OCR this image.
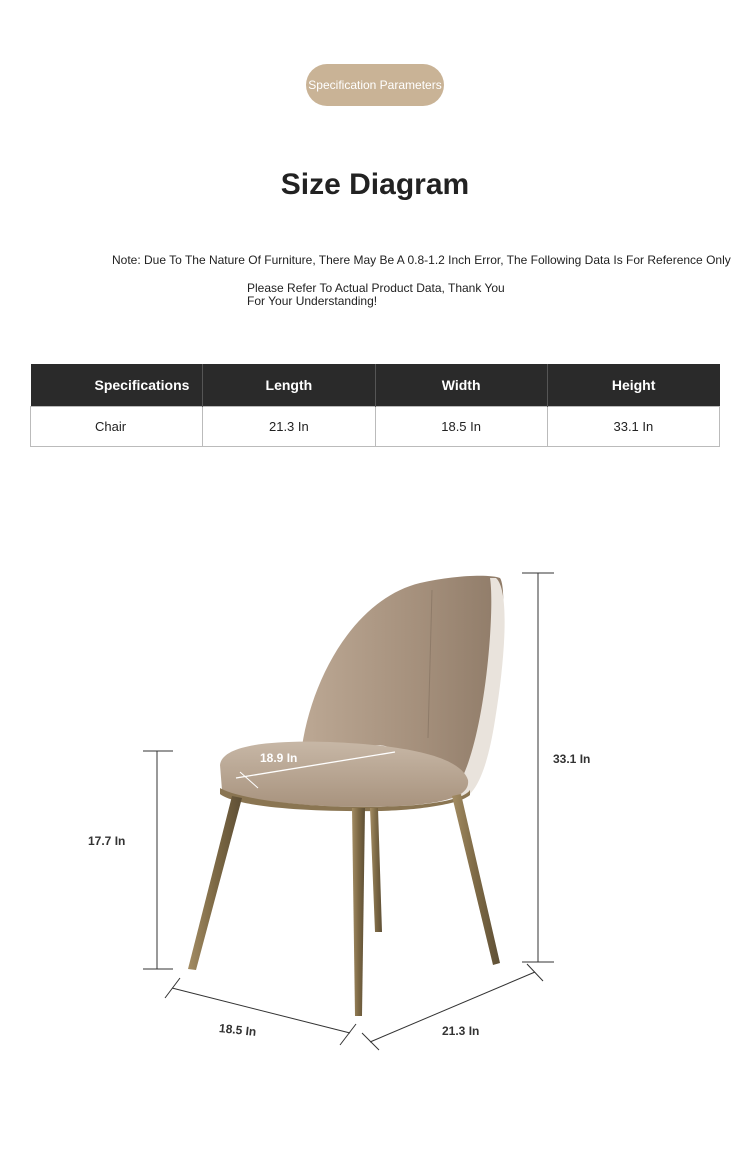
Specification Parameters
Size Diagram
Note: Due To The Nature Of Furniture, There May Be A 0.8-1.2 Inch Error, The Following Data Is For Reference Only
Please Refer To Actual Product Data, Thank You
For Your Understanding!
Specifications	Length	Width	Height
Chair	21.3 In	18.5 In	33.1 In
18.9 In	33.1 In
17.7 In
18.5 In	21.3 In
